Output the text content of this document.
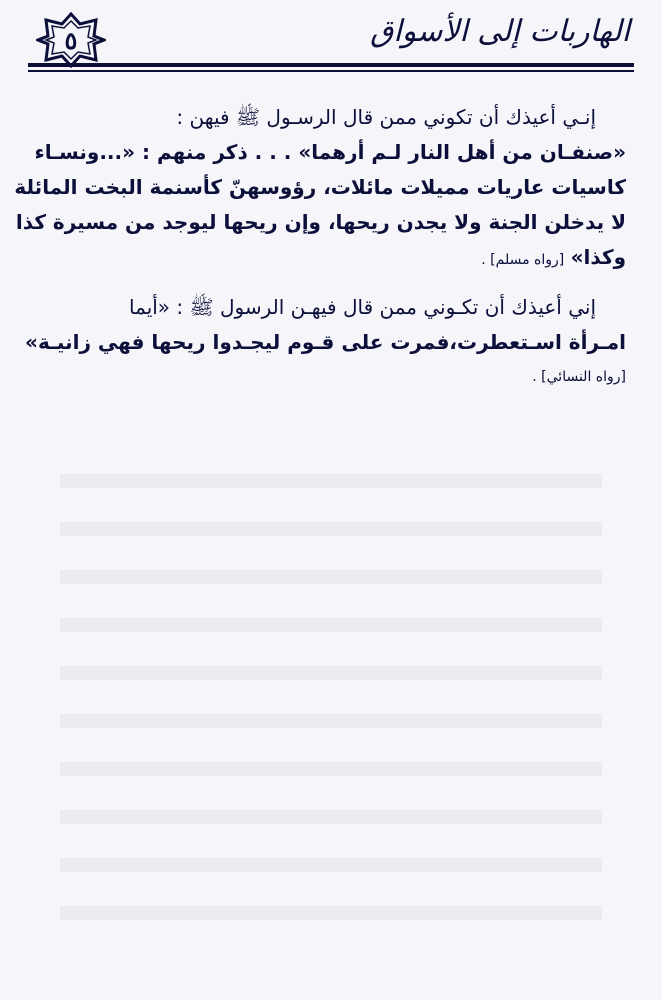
٥	الهاربات إلى الأسواق
إنـي أعيذك أن تكوني ممن قال الرسـول ﷺ فيهن :
«صنفـان من أهل النار لـم أرهما» . . . ذكر منهم : «...ونسـاء
كاسيات عاريات مميلات مائلات، رؤوسهنّ كأسنمة البخت المائلة
لا يدخلن الجنة ولا يجدن ريحها، وإن ريحها ليوجد من مسيرة كذا
وكذا» [رواه مسلم] .
إني أعيذك أن تكـوني ممن قال فيهـن الرسول ﷺ : «أيما
امـرأة اسـتعطرت،فمرت على قـوم ليجـدوا ريحها فهي زانيـة»
[رواه النسائي] .
